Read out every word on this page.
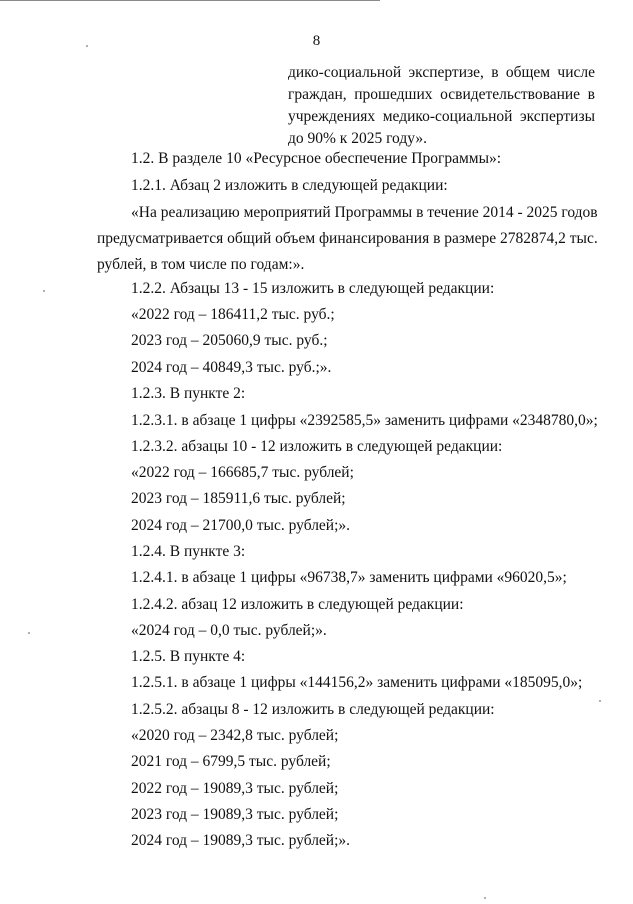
8
дико-социальной экспертизе, в общем числе
граждан, прошедших освидетельствование в
учреждениях медико-социальной экспертизы
до 90% к 2025 году».
1.2. В разделе 10 «Ресурсное обеспечение Программы»:
1.2.1. Абзац 2 изложить в следующей редакции:
«На реализацию мероприятий Программы в течение 2014 - 2025 годов
предусматривается общий объем финансирования в размере 2782874,2 тыс.
рублей, в том числе по годам:».
1.2.2. Абзацы 13 - 15 изложить в следующей редакции:
«2022 год – 186411,2 тыс. руб.;
2023 год – 205060,9 тыс. руб.;
2024 год – 40849,3 тыс. руб.;».
1.2.3. В пункте 2:
1.2.3.1. в абзаце 1 цифры «2392585,5» заменить цифрами «2348780,0»;
1.2.3.2. абзацы 10 - 12 изложить в следующей редакции:
«2022 год – 166685,7 тыс. рублей;
2023 год – 185911,6 тыс. рублей;
2024 год – 21700,0 тыс. рублей;».
1.2.4. В пункте 3:
1.2.4.1. в абзаце 1 цифры «96738,7» заменить цифрами «96020,5»;
1.2.4.2. абзац 12 изложить в следующей редакции:
«2024 год – 0,0 тыс. рублей;».
1.2.5. В пункте 4:
1.2.5.1. в абзаце 1 цифры «144156,2» заменить цифрами «185095,0»;
1.2.5.2. абзацы 8 - 12 изложить в следующей редакции:
«2020 год – 2342,8 тыс. рублей;
2021 год – 6799,5 тыс. рублей;
2022 год – 19089,3 тыс. рублей;
2023 год – 19089,3 тыс. рублей;
2024 год – 19089,3 тыс. рублей;».
